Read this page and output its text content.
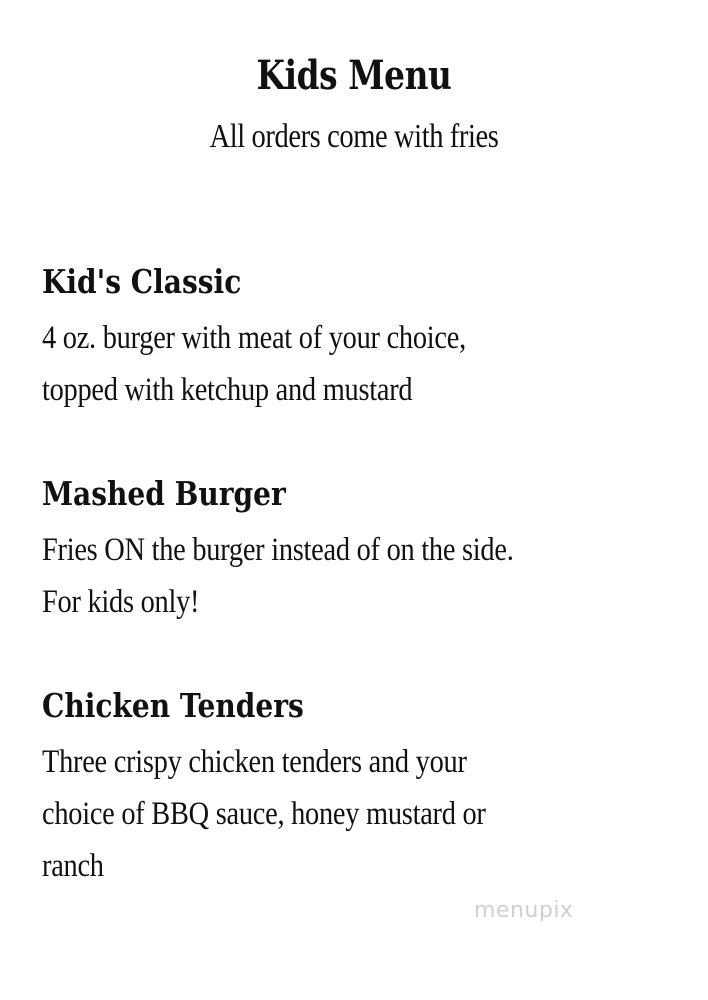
Kids Menu
All orders come with fries
Kid's Classic
4 oz. burger with meat of your choice,
topped with ketchup and mustard
Mashed Burger
Fries ON the burger instead of on the side.
For kids only!
Chicken Tenders
Three crispy chicken tenders and your
choice of BBQ sauce, honey mustard or
ranch
menupix
